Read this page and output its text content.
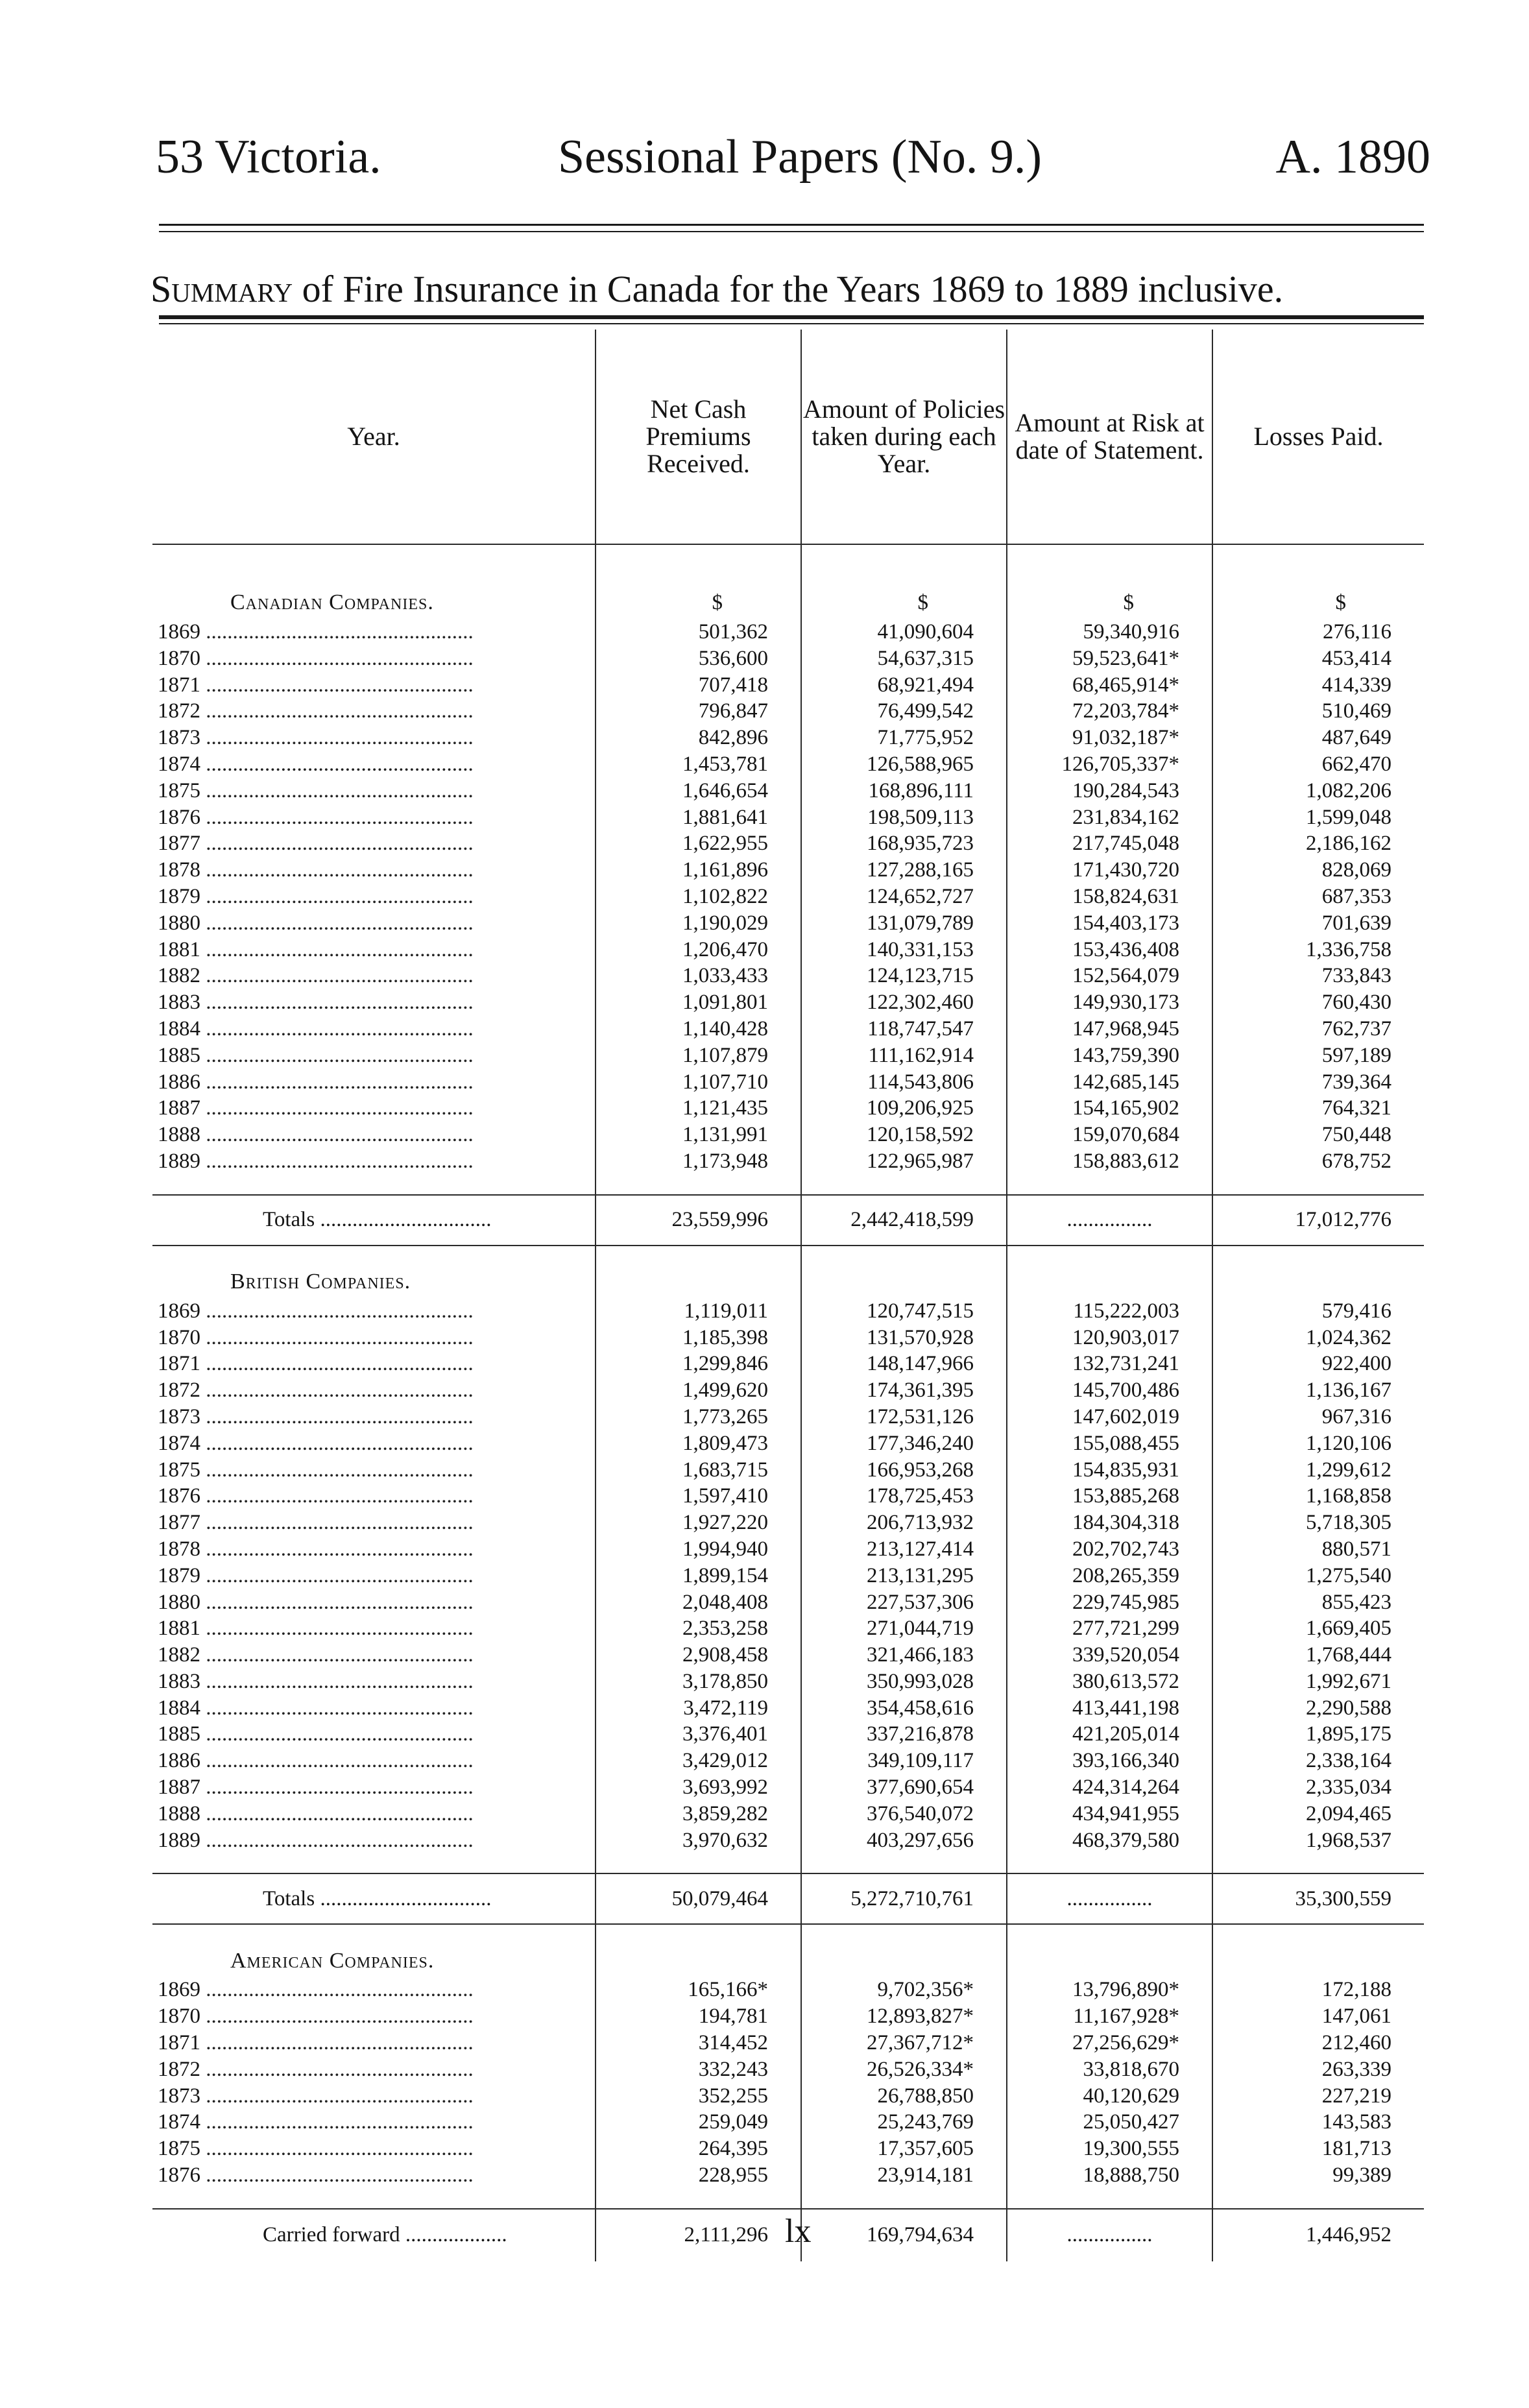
53 Victoria.	Sessional Papers (No. 9.)	A. 1890
Summary of Fire Insurance in Canada for the Years 1869 to 1889 inclusive.
Year.	Net Cash Premiums Received.	Amount of Policies taken during each Year.	Amount at Risk at date of Statement.	Losses Paid.
Canadian Companies.	$	$	$	$
1869 .....	501,362	41,090,604	59,340,916	276,116
1870 .....	536,600	54,637,315	59,523,641*	453,414
1871 .....	707,418	68,921,494	68,465,914*	414,339
1872 .....	796,847	76,499,542	72,203,784*	510,469
1873 .....	842,896	71,775,952	91,032,187*	487,649
1874 .....	1,453,781	126,588,965	126,705,337*	662,470
1875 .....	1,646,654	168,896,111	190,284,543	1,082,206
1876 .....	1,881,641	198,509,113	231,834,162	1,599,048
1877 .....	1,622,955	168,935,723	217,745,048	2,186,162
1878 .....	1,161,896	127,288,165	171,430,720	828,069
1879 .....	1,102,822	124,652,727	158,824,631	687,353
1880 .....	1,190,029	131,079,789	154,403,173	701,639
1881 .....	1,206,470	140,331,153	153,436,408	1,336,758
1882 .....	1,033,433	124,123,715	152,564,079	733,843
1883 .....	1,091,801	122,302,460	149,930,173	760,430
1884 .....	1,140,428	118,747,547	147,968,945	762,737
1885 .....	1,107,879	111,162,914	143,759,390	597,189
1886 .....	1,107,710	114,543,806	142,685,145	739,364
1887 .....	1,121,435	109,206,925	154,165,902	764,321
1888 .....	1,131,991	120,158,592	159,070,684	750,448
1889 .....	1,173,948	122,965,987	158,883,612	678,752

Totals .....	23,559,996	2,442,418,599	................	17,012,776
British Companies.				
1869 .....	1,119,011	120,747,515	115,222,003	579,416
1870 .....	1,185,398	131,570,928	120,903,017	1,024,362
1871 .....	1,299,846	148,147,966	132,731,241	922,400
1872 .....	1,499,620	174,361,395	145,700,486	1,136,167
1873 .....	1,773,265	172,531,126	147,602,019	967,316
1874 .....	1,809,473	177,346,240	155,088,455	1,120,106
1875 .....	1,683,715	166,953,268	154,835,931	1,299,612
1876 .....	1,597,410	178,725,453	153,885,268	1,168,858
1877 .....	1,927,220	206,713,932	184,304,318	5,718,305
1878 .....	1,994,940	213,127,414	202,702,743	880,571
1879 .....	1,899,154	213,131,295	208,265,359	1,275,540
1880 .....	2,048,408	227,537,306	229,745,985	855,423
1881 .....	2,353,258	271,044,719	277,721,299	1,669,405
1882 .....	2,908,458	321,466,183	339,520,054	1,768,444
1883 .....	3,178,850	350,993,028	380,613,572	1,992,671
1884 .....	3,472,119	354,458,616	413,441,198	2,290,588
1885 .....	3,376,401	337,216,878	421,205,014	1,895,175
1886 .....	3,429,012	349,109,117	393,166,340	2,338,164
1887 .....	3,693,992	377,690,654	424,314,264	2,335,034
1888 .....	3,859,282	376,540,072	434,941,955	2,094,465
1889 .....	3,970,632	403,297,656	468,379,580	1,968,537

Totals .....	50,079,464	5,272,710,761	................	35,300,559
American Companies.				
1869 .....	165,166*	9,702,356*	13,796,890*	172,188
1870 .....	194,781	12,893,827*	11,167,928*	147,061
1871 .....	314,452	27,367,712*	27,256,629*	212,460
1872 .....	332,243	26,526,334*	33,818,670	263,339
1873 .....	352,255	26,788,850	40,120,629	227,219
1874 .....	259,049	25,243,769	25,050,427	143,583
1875 .....	264,395	17,357,605	19,300,555	181,713
1876 .....	228,955	23,914,181	18,888,750	99,389

Carried forward .....	2,111,296	169,794,634	................	1,446,952
lx
